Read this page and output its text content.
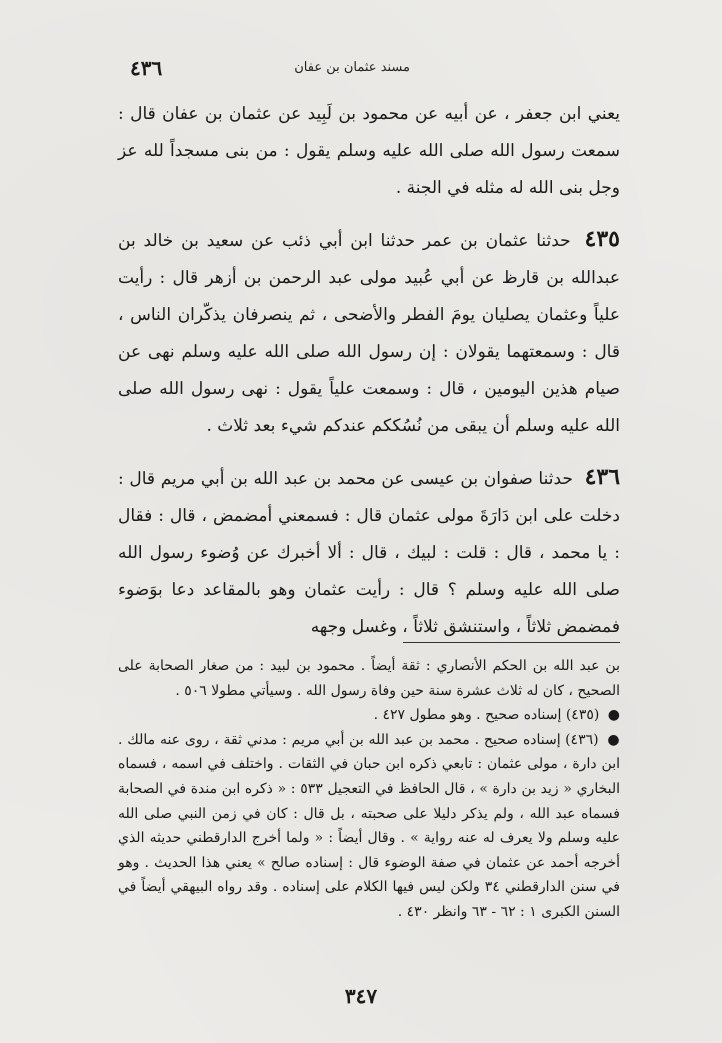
مسند عثمان بن عفان
٤٣٦

يعني ابن جعفر ، عن أبيه عن محمود بن لَبِيد عن عثمان بن عفان قال : سمعت رسول الله صلى الله عليه وسلم يقول : من بنى مسجداً لله عز وجل بنى الله له مثله في الجنة .

٤٣٥ حدثنا عثمان بن عمر حدثنا ابن أبي ذئب عن سعيد بن خالد بن عبدالله بن قارظ عن أبي عُبيد مولى عبد الرحمن بن أزهر قال : رأيت علياً وعثمان يصليان يومَ الفطر والأضحى ، ثم ينصرفان يذكّران الناس ، قال : وسمعتهما يقولان : إن رسول الله صلى الله عليه وسلم نهى عن صيام هذين اليومين ، قال : وسمعت علياً يقول : نهى رسول الله صلى الله عليه وسلم أن يبقى من نُسُككم عندكم شيء بعد ثلاث .

٤٣٦ حدثنا صفوان بن عيسى عن محمد بن عبد الله بن أبي مريم قال : دخلت على ابن دَارَةَ مولى عثمان قال : فسمعني أمضمض ، قال : فقال : يا محمد ، قال : قلت : لبيك ، قال : ألا أخبرك عن وُضوء رسول الله صلى الله عليه وسلم ؟ قال : رأيت عثمان وهو بالمقاعد دعا بوَضوء فمضمض ثلاثاً ، واستنشق ثلاثاً ، وغسل وجهه

بن عبد الله بن الحكم الأنصاري : ثقة أيضاً . محمود بن لبيد : من صغار الصحابة على الصحيح ، كان له ثلاث عشرة سنة حين وفاة رسول الله . وسيأتي مطولا ٥٠٦ .

● (٤٣٥) إسناده صحيح . وهو مطول ٤٢٧ .

● (٤٣٦) إسناده صحيح . محمد بن عبد الله بن أبي مريم : مدني ثقة ، روى عنه مالك . ابن دارة ، مولى عثمان : تابعي ذكره ابن حبان في الثقات . واختلف في اسمه ، فسماه البخاري « زيد بن دارة » ، قال الحافظ في التعجيل ٥٣٣ : « ذكره ابن مندة في الصحابة فسماه عبد الله ، ولم يذكر دليلا على صحبته ، بل قال : كان في زمن النبي صلى الله عليه وسلم ولا يعرف له عنه رواية » . وقال أيضاً : « ولما أخرج الدارقطني حديثه الذي أخرجه أحمد عن عثمان في صفة الوضوء قال : إسناده صالح » يعني هذا الحديث . وهو في سنن الدارقطني ٣٤ ولكن ليس فيها الكلام على إسناده . وقد رواه البيهقي أيضاً في السنن الكبرى ١ : ٦٢ - ٦٣ وانظر ٤٣٠ .

٣٤٧
